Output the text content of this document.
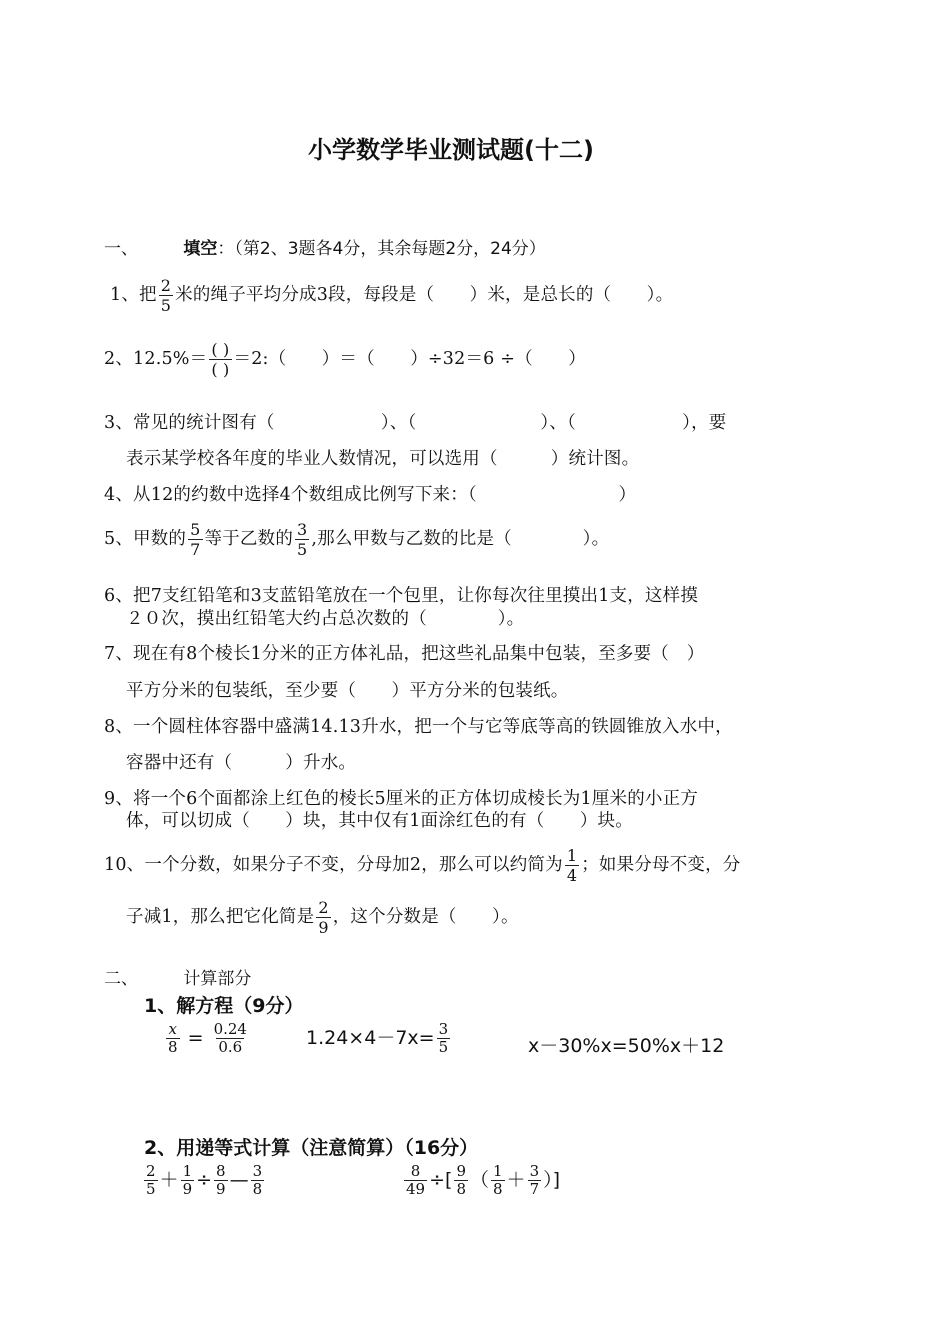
小学数学毕业测试题(十二)
一、	填空：（第2、3题各4分，其余每题2分，24分）
1、把 $\frac{2}{5}$ 米的绳子平均分成3段，每段是（　　）米，是总长的（　　）。
2、$12.5\%= \frac{( )}{( )}$ ＝2:（　　）＝（　　）÷32＝6 ÷（　　）
3、常见的统计图有（　　　　　　）、（　　　　　　　）、（　　　　　　），要
表示某学校各年度的毕业人数情况，可以选用（　　　）统计图。
4、从12的约数中选择4个数组成比例写下来：（　　　　　　　　）
5、甲数的 $\frac{5}{7}$ 等于乙数的 $\frac{3}{5}$ ,那么甲数与乙数的比是（　　　　）。
6、把7支红铅笔和3支蓝铅笔放在一个包里，让你每次往里摸出1支，这样摸
２０次，摸出红铅笔大约占总次数的（　　　　）。
7、现在有8个棱长1分米的正方体礼品，把这些礼品集中包装，至多要（　）
平方分米的包装纸，至少要（　　）平方分米的包装纸。
8、一个圆柱体容器中盛满14.13升水，把一个与它等底等高的铁圆锥放入水中，
容器中还有（　　　）升水。
9、将一个6个面都涂上红色的棱长5厘米的正方体切成棱长为1厘米的小正方
体，可以切成（　　）块，其中仅有1面涂红色的有（　　）块。
10、一个分数，如果分子不变，分母加2，那么可以约简为 $\frac{1}{4}$ ；如果分母不变，分
子减1，那么把它化简是 $\frac{2}{9}$ ，这个分数是（　　）。
二、	计算部分
1、解方程（9分）
$\frac{x}{8} = \frac{0.24}{0.6}$	$1.24\times 4-7x= \frac{3}{5}$	x－30%x=50%x＋12
2、用递等式计算（注意简算）（16分）
$\frac{2}{5} + \frac{1}{9} \div \frac{8}{9}$ — $\frac{3}{8}$	$\frac{8}{49}$ ÷[ $\frac{9}{8}$ （ $\frac{1}{8} + \frac{3}{7}$ ）]
